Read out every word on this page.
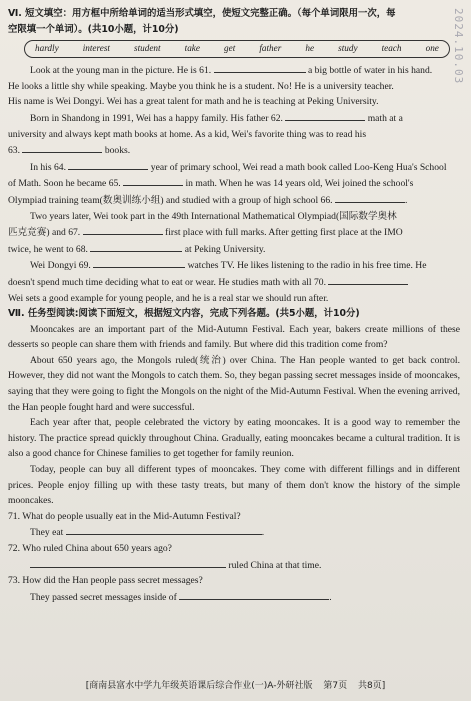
2024.10.03

Ⅵ. 短文填空：用方框中所给单词的适当形式填空，使短文完整正确。（每个单词限用一次，每

空限填一个单词）。(共10小题，计10分)

hardly	interest	student	take	get	father	he	study	teach	one

Look at the young man in the picture. He is 61.	a big bottle of water in his hand.

He looks a little shy while speaking. Maybe you think he is a student. No! He is a university teacher.

His name is Wei Dongyi. Wei has a great talent for math and he is teaching at Peking University.

Born in Shandong in 1991, Wei has a happy family. His father 62.	math at a

university and always kept math books at home. As a kid, Wei's favorite thing was to read his

63.	books.

In his 64.	year of primary school, Wei read a math book called Loo-Keng Hua's School

of Math. Soon he became 65.	in math. When he was 14 years old, Wei joined the school's

Olympiad training team(数奥训练小组) and studied with a group of high school 66.	.

Two years later, Wei took part in the 49th International Mathematical Olympiad(国际数学奥林

匹克竞赛) and 67.	first place with full marks. After getting first place at the IMO

twice, he went to 68.	at Peking University.

Wei Dongyi 69.	watches TV. He likes listening to the radio in his free time. He

doesn't spend much time deciding what to eat or wear. He studies math with all 70.

Wei sets a good example for young people, and he is a real star we should run after.

Ⅶ. 任务型阅读:阅读下面短文，根据短文内容，完成下列各题。(共5小题，计10分)

Mooncakes are an important part of the Mid-Autumn Festival. Each year, bakers create millions of these desserts so people can share them with friends and family. But where did this tradition come from?

About 650 years ago, the Mongols ruled(统治) over China. The Han people wanted to get back control. However, they did not want the Mongols to catch them. So, they began passing secret messages inside of mooncakes, saying that they were going to fight the Mongols on the night of the Mid-Autumn Festival. When the evening arrived, the Han people fought hard and were successful.

Each year after that, people celebrated the victory by eating mooncakes. It is a good way to remember the history. The practice spread quickly throughout China. Gradually, eating mooncakes became a cultural tradition. It is also a good chance for Chinese families to get together for family reunion.

Today, people can buy all different types of mooncakes. They come with different fillings and in different prices. People enjoy filling up with these tasty treats, but many of them don't know the history of the simple mooncakes.

71. What do people usually eat in the Mid-Autumn Festival?

They eat	.

72. Who ruled China about 650 years ago?

ruled China at that time.

73. How did the Han people pass secret messages?

They passed secret messages inside of	.

[商南县富水中学九年级英语课后综合作业(一)A-外研社版 第7页 共8页]
